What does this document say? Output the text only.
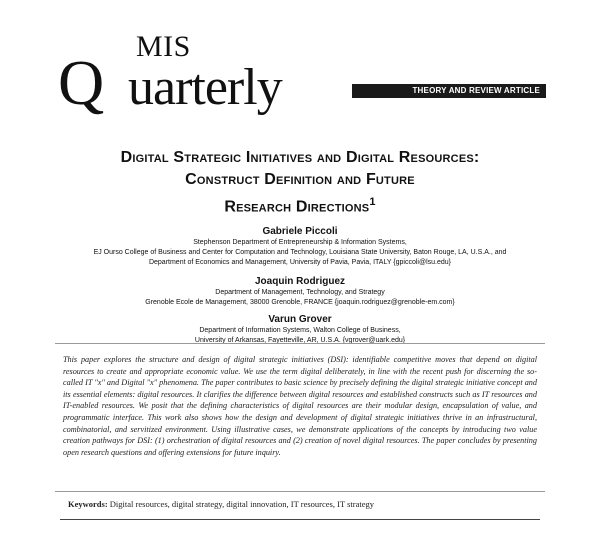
MIS
Q uarterly	THEORY AND REVIEW ARTICLE
Digital Strategic Initiatives and Digital Resources:
Construct Definition and Future
Research Directions$^1$
Gabriele Piccoli
Stephenson Department of Entrepreneurship & Information Systems,
EJ Ourso College of Business and Center for Computation and Technology, Louisiana State University, Baton Rouge, LA, U.S.A., and
Department of Economics and Management, University of Pavia, Pavia, ITALY {gpiccoli@lsu.edu}
Joaquin Rodriguez
Department of Management, Technology, and Strategy
Grenoble Ecole de Management, 38000 Grenoble, FRANCE {joaquin.rodriguez@grenoble-em.com}
Varun Grover
Department of Information Systems, Walton College of Business,
University of Arkansas, Fayetteville, AR, U.S.A. {vgrover@uark.edu}
This paper explores the structure and design of digital strategic initiatives (DSI): identifiable competitive moves that depend on digital resources to create and appropriate economic value. We use the term digital deliberately, in line with the recent push for discerning the so-called IT "x" and Digital "x" phenomena. The paper contributes to basic science by precisely defining the digital strategic initiative concept and its essential elements: digital resources. It clarifies the difference between digital resources and established constructs such as IT resources and IT-enabled resources. We posit that the defining characteristics of digital resources are their modular design, encapsulation of value, and programmatic interface. This work also shows how the design and development of digital strategic initiatives thrive in an infrastructural, combinatorial, and servitized environment. Using illustrative cases, we demonstrate applications of the concepts by introducing two value creation pathways for DSI: (1) orchestration of digital resources and (2) creation of novel digital resources. The paper concludes by presenting open research questions and offering extensions for future inquiry.
Keywords: Digital resources, digital strategy, digital innovation, IT resources, IT strategy
